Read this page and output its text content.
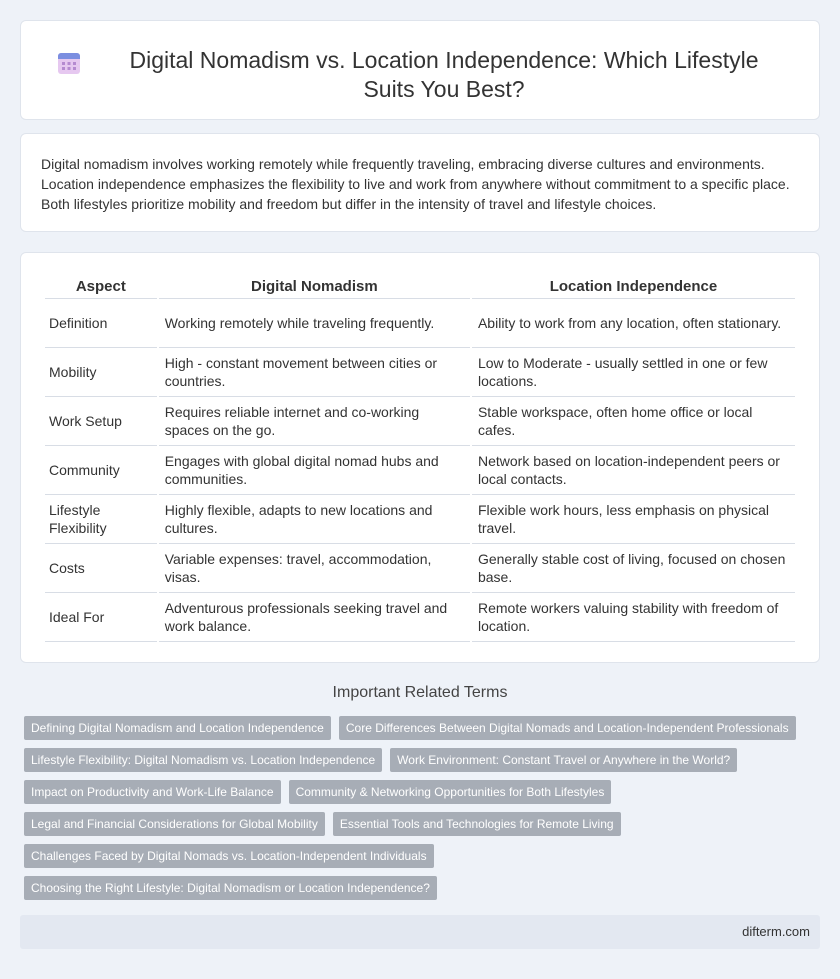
Digital Nomadism vs. Location Independence: Which Lifestyle Suits You Best?

Digital nomadism involves working remotely while frequently traveling, embracing diverse cultures and environments. Location independence emphasizes the flexibility to live and work from anywhere without commitment to a specific place. Both lifestyles prioritize mobility and freedom but differ in the intensity of travel and lifestyle choices.

Aspect	Digital Nomadism	Location Independence
Definition	Working remotely while traveling frequently.	Ability to work from any location, often stationary.
Mobility	High - constant movement between cities or countries.	Low to Moderate - usually settled in one or few locations.
Work Setup	Requires reliable internet and co-working spaces on the go.	Stable workspace, often home office or local cafes.
Community	Engages with global digital nomad hubs and communities.	Network based on location-independent peers or local contacts.
Lifestyle Flexibility	Highly flexible, adapts to new locations and cultures.	Flexible work hours, less emphasis on physical travel.
Costs	Variable expenses: travel, accommodation, visas.	Generally stable cost of living, focused on chosen base.
Ideal For	Adventurous professionals seeking travel and work balance.	Remote workers valuing stability with freedom of location.
Important Related Terms
Defining Digital Nomadism and Location Independence	Core Differences Between Digital Nomads and Location-Independent Professionals
Lifestyle Flexibility: Digital Nomadism vs. Location Independence	Work Environment: Constant Travel or Anywhere in the World?
Impact on Productivity and Work-Life Balance	Community & Networking Opportunities for Both Lifestyles
Legal and Financial Considerations for Global Mobility	Essential Tools and Technologies for Remote Living
Challenges Faced by Digital Nomads vs. Location-Independent Individuals
Choosing the Right Lifestyle: Digital Nomadism or Location Independence?
difterm.com
